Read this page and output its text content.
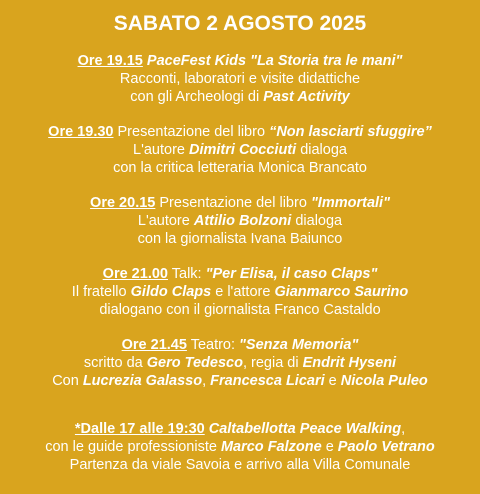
SABATO 2 AGOSTO 2025
Ore 19.15 PaceFest Kids "La Storia tra le mani"
Racconti, laboratori e visite didattiche
con gli Archeologi di Past Activity
Ore 19.30 Presentazione del libro “Non lasciarti sfuggire”
L'autore Dimitri Cocciuti dialoga
con la critica letteraria Monica Brancato
Ore 20.15 Presentazione del libro "Immortali"
L'autore Attilio Bolzoni dialoga
con la giornalista Ivana Baiunco
Ore 21.00 Talk: "Per Elisa, il caso Claps"
Il fratello Gildo Claps e l'attore Gianmarco Saurino
dialogano con il giornalista Franco Castaldo
Ore 21.45 Teatro: "Senza Memoria"
scritto da Gero Tedesco, regia di Endrit Hyseni
Con Lucrezia Galasso, Francesca Licari e Nicola Puleo
*Dalle 17 alle 19:30 Caltabellotta Peace Walking,
con le guide professioniste Marco Falzone e Paolo Vetrano
Partenza da viale Savoia e arrivo alla Villa Comunale
